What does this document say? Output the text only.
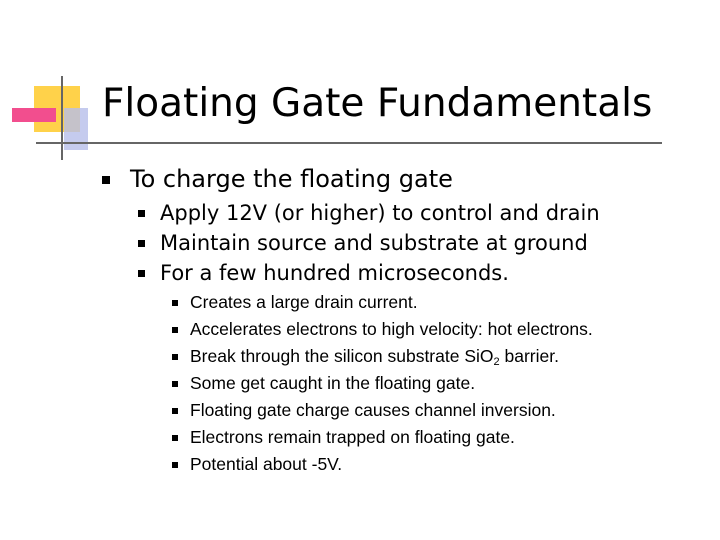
Floating Gate Fundamentals
To charge the floating gate
Apply 12V (or higher) to control and drain
Maintain source and substrate at ground
For a few hundred microseconds.
Creates a large drain current.
Accelerates electrons to high velocity: hot electrons.
Break through the silicon substrate SiO$_2$ barrier.
Some get caught in the floating gate.
Floating gate charge causes channel inversion.
Electrons remain trapped on floating gate.
Potential about -5V.
